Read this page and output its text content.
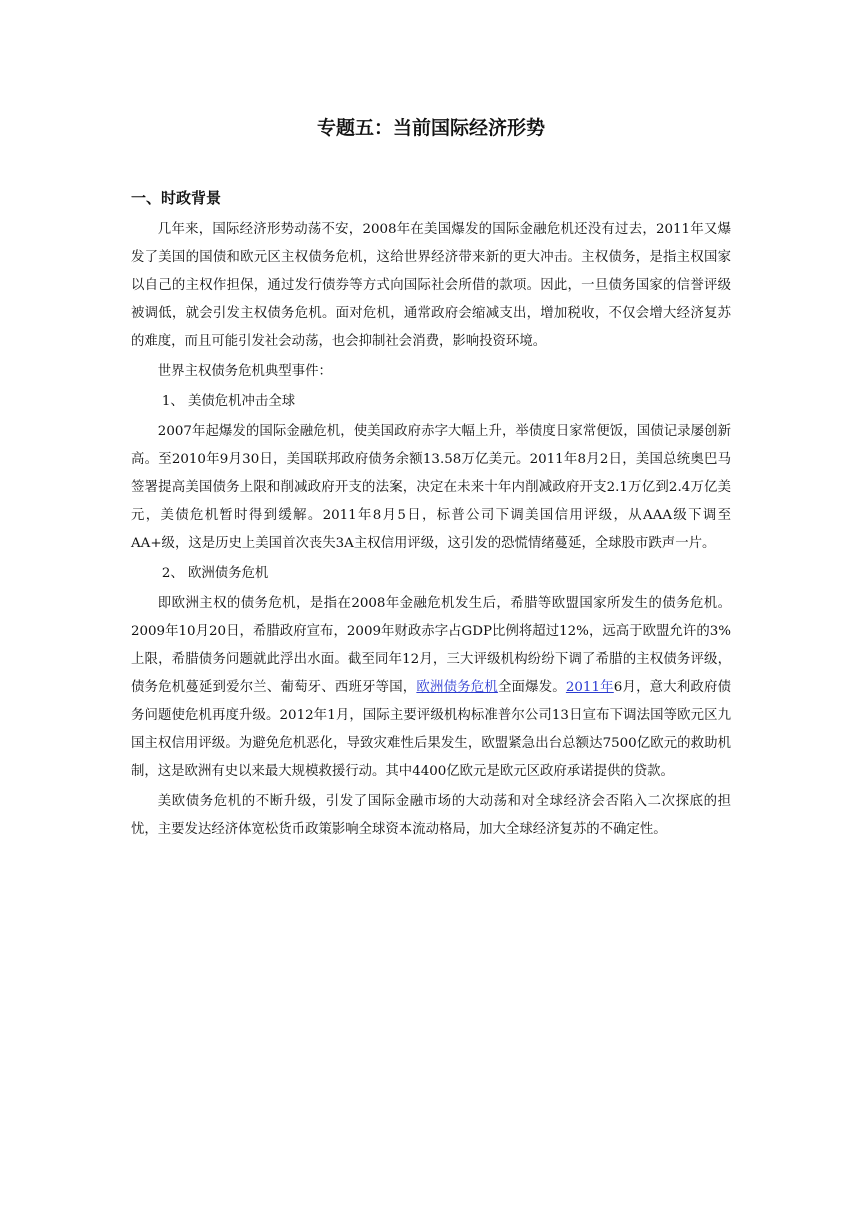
专题五：当前国际经济形势
一、时政背景

几年来，国际经济形势动荡不安，2008年在美国爆发的国际金融危机还没有过去，2011年又爆发了美国的国债和欧元区主权债务危机，这给世界经济带来新的更大冲击。主权债务，是指主权国家以自己的主权作担保，通过发行债券等方式向国际社会所借的款项。因此，一旦债务国家的信誉评级被调低，就会引发主权债务危机。面对危机，通常政府会缩减支出，增加税收，不仅会增大经济复苏的难度，而且可能引发社会动荡，也会抑制社会消费，影响投资环境。

世界主权债务危机典型事件：

1、 美债危机冲击全球

2007年起爆发的国际金融危机，使美国政府赤字大幅上升，举债度日家常便饭，国债记录屡创新高。至2010年9月30日，美国联邦政府债务余额13.58万亿美元。2011年8月2日，美国总统奥巴马签署提高美国债务上限和削减政府开支的法案，决定在未来十年内削减政府开支2.1万亿到2.4万亿美元，美债危机暂时得到缓解。2011年8月5日，标普公司下调美国信用评级，从AAA级下调至AA+级，这是历史上美国首次丧失3A主权信用评级，这引发的恐慌情绪蔓延，全球股市跌声一片。

2、 欧洲债务危机

即欧洲主权的债务危机，是指在2008年金融危机发生后，希腊等欧盟国家所发生的债务危机。2009年10月20日，希腊政府宣布，2009年财政赤字占GDP比例将超过12%，远高于欧盟允许的3%上限，希腊债务问题就此浮出水面。截至同年12月，三大评级机构纷纷下调了希腊的主权债务评级，债务危机蔓延到爱尔兰、葡萄牙、西班牙等国，欧洲债务危机全面爆发。2011年6月，意大利政府债务问题使危机再度升级。2012年1月，国际主要评级机构标准普尔公司13日宣布下调法国等欧元区九国主权信用评级。为避免危机恶化，导致灾难性后果发生，欧盟紧急出台总额达7500亿欧元的救助机制，这是欧洲有史以来最大规模救援行动。其中4400亿欧元是欧元区政府承诺提供的贷款。

美欧债务危机的不断升级，引发了国际金融市场的大动荡和对全球经济会否陷入二次探底的担忧，主要发达经济体宽松货币政策影响全球资本流动格局，加大全球经济复苏的不确定性。
